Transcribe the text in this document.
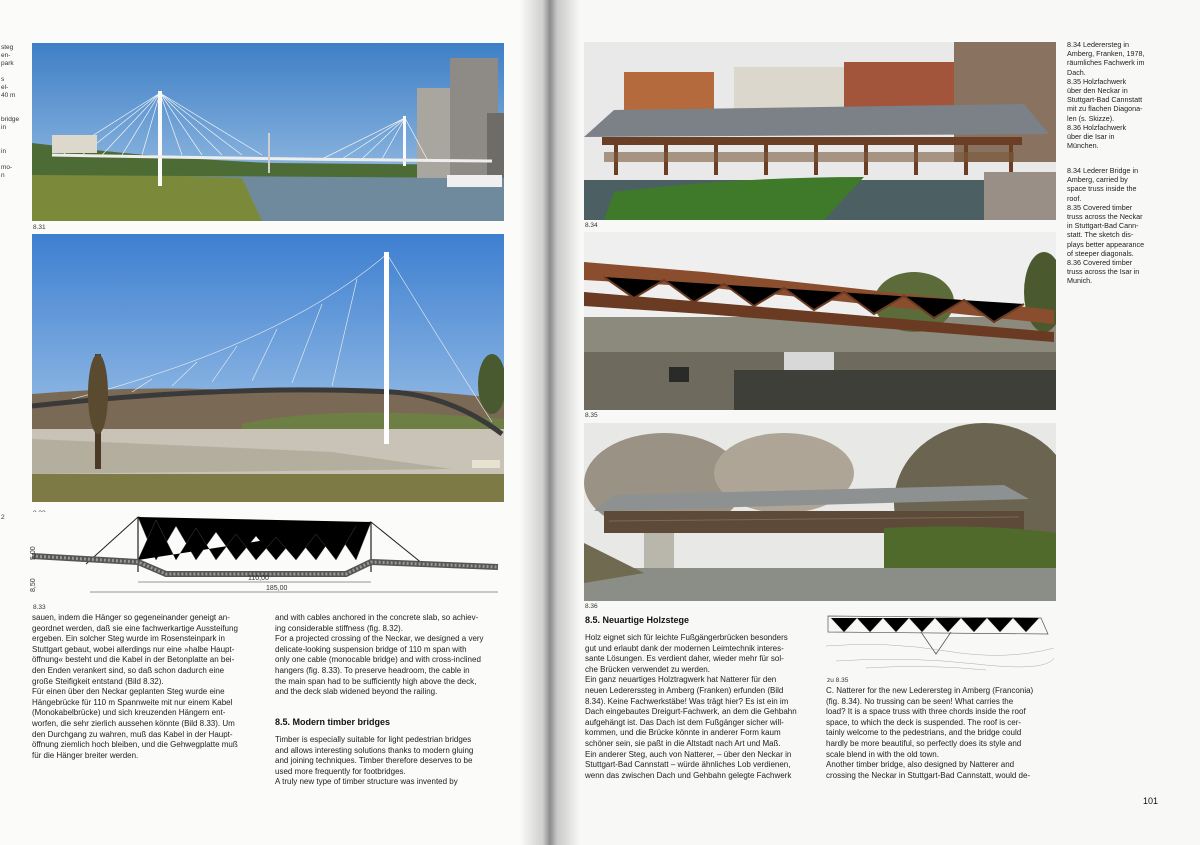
steg
en-
park

s
el-
40 m

bridge
in

in

mo-
n
2
8.31
110,00
185,00
5,00
8,50
8.33

sauen, indem die Hänger so gegeneinander geneigt an-
geordnet werden, daß sie eine fachwerkartige Aussteifung
ergeben. Ein solcher Steg wurde im Rosensteinpark in
Stuttgart gebaut, wobei allerdings nur eine »halbe Haupt-
öffnung« besteht und die Kabel in der Betonplatte an bei-
den Enden verankert sind, so daß schon dadurch eine
große Steifigkeit entstand (Bild 8.32).
Für einen über den Neckar geplanten Steg wurde eine
Hängebrücke für 110 m Spannweite mit nur einem Kabel
(Monokabelbrücke) und sich kreuzenden Hängern ent-
worfen, die sehr zierlich aussehen könnte (Bild 8.33). Um
den Durchgang zu wahren, muß das Kabel in der Haupt-
öffnung ziemlich hoch bleiben, und die Gehwegplatte muß
für die Hänger breiter werden.

and with cables anchored in the concrete slab, so achiev-
ing considerable stiffness (fig. 8.32).
For a projected crossing of the Neckar, we designed a very
delicate-looking suspension bridge of 110 m span with
only one cable (monocable bridge) and with cross-inclined
hangers (fig. 8.33). To preserve headroom, the cable in
the main span had to be sufficiently high above the deck,
and the deck slab widened beyond the railing.

8.5. Modern timber bridges

Timber is especially suitable for light pedestrian bridges
and allows interesting solutions thanks to modern gluing
and joining techniques. Timber therefore deserves to be
used more frequently for footbridges.
A truly new type of timber structure was invented by

8.34
8.35
8.36

8.34 Lederersteg in
Amberg, Franken, 1978,
räumliches Fachwerk im
Dach.
8.35 Holzfachwerk
über den Neckar in
Stuttgart-Bad Cannstatt
mit zu flachen Diagona-
len (s. Skizze).
8.36 Holzfachwerk
über die Isar in
München.

8.34 Lederer Bridge in
Amberg, carried by
space truss inside the
roof.
8.35 Covered timber
truss across the Neckar
in Stuttgart-Bad Cann-
statt. The sketch dis-
plays better appearance
of steeper diagonals.
8.36 Covered timber
truss across the Isar in
Munich.

8.5. Neuartige Holzstege

Holz eignet sich für leichte Fußgängerbrücken besonders
gut und erlaubt dank der modernen Leimtechnik interes-
sante Lösungen. Es verdient daher, wieder mehr für sol-
che Brücken verwendet zu werden.
Ein ganz neuartiges Holztragwerk hat Natterer für den
neuen Ledererssteg in Amberg (Franken) erfunden (Bild
8.34). Keine Fachwerkstäbe! Was trägt hier? Es ist ein im
Dach eingebautes Dreigurt-Fachwerk, an dem die Gehbahn
aufgehängt ist. Das Dach ist dem Fußgänger sicher will-
kommen, und die Brücke könnte in anderer Form kaum
schöner sein, sie paßt in die Altstadt nach Art und Maß.
Ein anderer Steg, auch von Natterer, – über den Neckar in
Stuttgart-Bad Cannstatt – würde ähnliches Lob verdienen,
wenn das zwischen Dach und Gehbahn gelegte Fachwerk

zu 8.35

C. Natterer for the new Lederersteg in Amberg (Franconia)
(fig. 8.34). No trussing can be seen! What carries the
load? It is a space truss with three chords inside the roof
space, to which the deck is suspended. The roof is cer-
tainly welcome to the pedestrians, and the bridge could
hardly be more beautiful, so perfectly does its style and
scale blend in with the old town.
Another timber bridge, also designed by Natterer and
crossing the Neckar in Stuttgart-Bad Cannstatt, would de-

101
